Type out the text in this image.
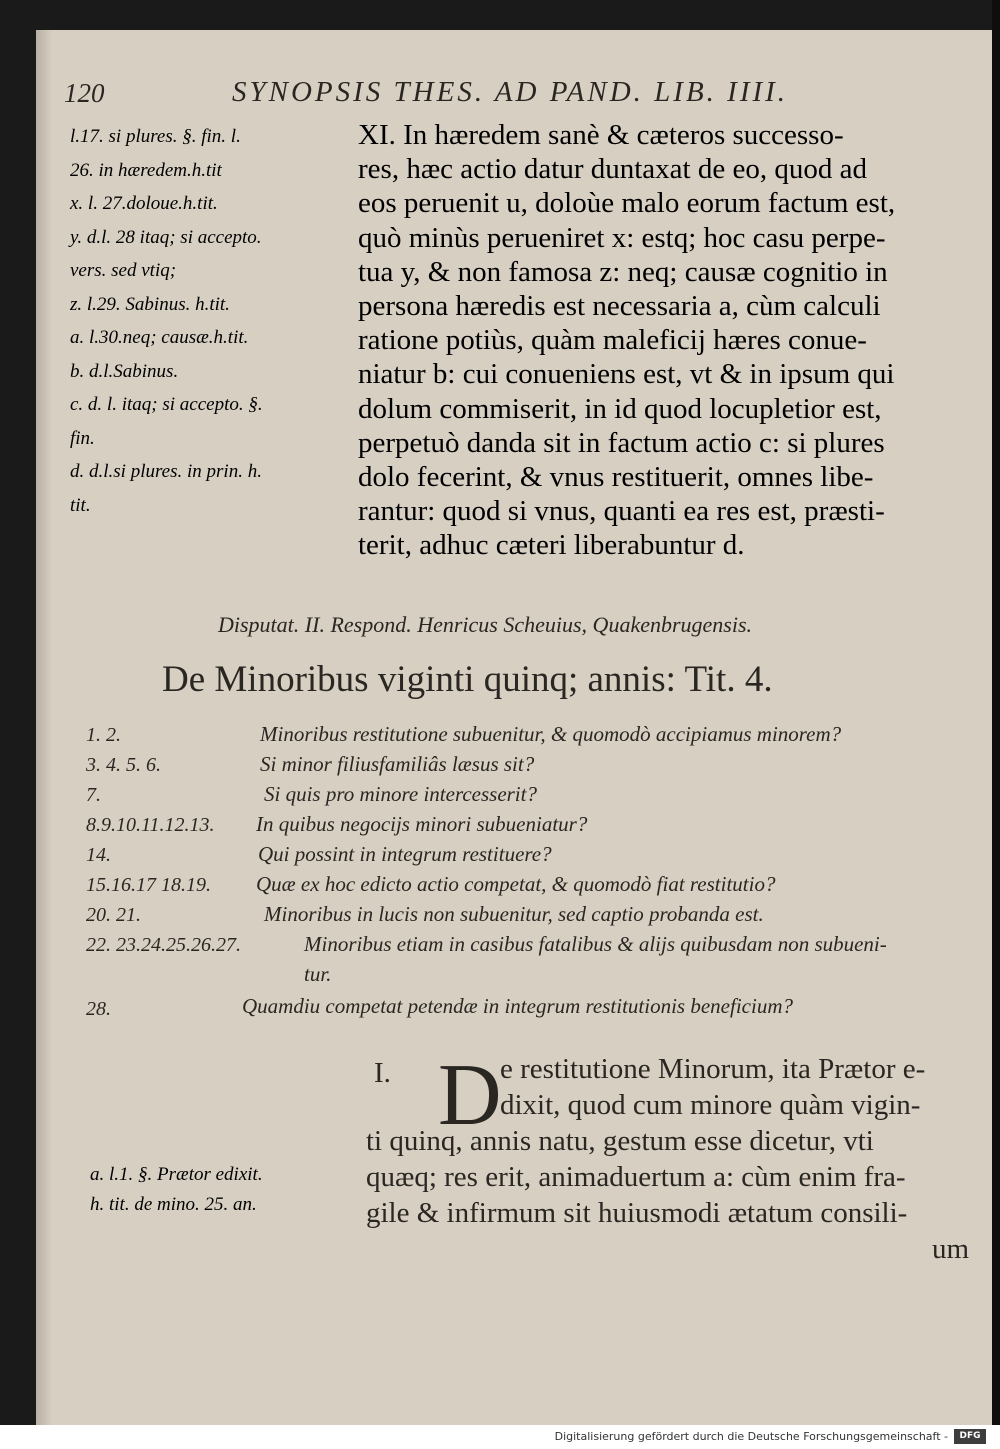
120	SYNOPSIS THES. AD PAND. LIB. IIII.
l.17. si plures. §. fin. l.
26. in hæredem.h.tit
x. l. 27.doloue.h.tit.
y. d.l. 28 itaq; si accepto.
vers. sed vtiq;
z. l.29. Sabinus. h.tit.
a. l.30.neq; causæ.h.tit.
b. d.l.Sabinus.
c. d. l. itaq; si accepto. §.
fin.
d. d.l.si plures. in prin. h.
tit.
XI. In hæredem sanè & cæteros successo-
res, hæc actio datur duntaxat de eo, quod ad
eos peruenit u, doloùe malo eorum factum est,
quò minùs perueniret x: estq; hoc casu perpe-
tua y, & non famosa z: neq; causæ cognitio in
persona hæredis est necessaria a, cùm calculi
ratione potiùs, quàm maleficij hæres conue-
niatur b: cui conueniens est, vt & in ipsum qui
dolum commiserit, in id quod locupletior est,
perpetuò danda sit in factum actio c: si plures
dolo fecerint, & vnus restituerit, omnes libe-
rantur: quod si vnus, quanti ea res est, præsti-
terit, adhuc cæteri liberabuntur d.
Disputat. II. Respond. Henricus Scheuius, Quakenbrugensis.
De Minoribus viginti quinq; annis: Tit. 4.
1. 2.	Minoribus restitutione subuenitur, & quomodò accipiamus minorem?
3. 4. 5. 6.	Si minor filiusfamiliâs læsus sit?
7.	Si quis pro minore intercesserit?
8.9.10.11.12.13. In quibus negocijs minori subueniatur?
14.	Qui possint in integrum restituere?
15.16.17 18.19. Quæ ex hoc edicto actio competat, & quomodò fiat restitutio?
20. 21.	Minoribus in lucis non subuenitur, sed captio probanda est.
22. 23.24.25.26.27.	Minoribus etiam in casibus fatalibus & alijs quibusdam non subueni-
tur.
28.	Quamdiu competat petendæ in integrum restitutionis beneficium?
I. D
a. l.1. §. Prætor edixit.
h. tit. de mino. 25. an.
e restitutione Minorum, ita Prætor e-
dixit, quod cum minore quàm vigin-
ti quinq, annis natu, gestum esse dicetur, vti
quæq; res erit, animaduertum a: cùm enim fra-
gile & infirmum sit huiusmodi ætatum consili-
um
Digitalisierung gefördert durch die Deutsche Forschungsgemeinschaft -	DFG
